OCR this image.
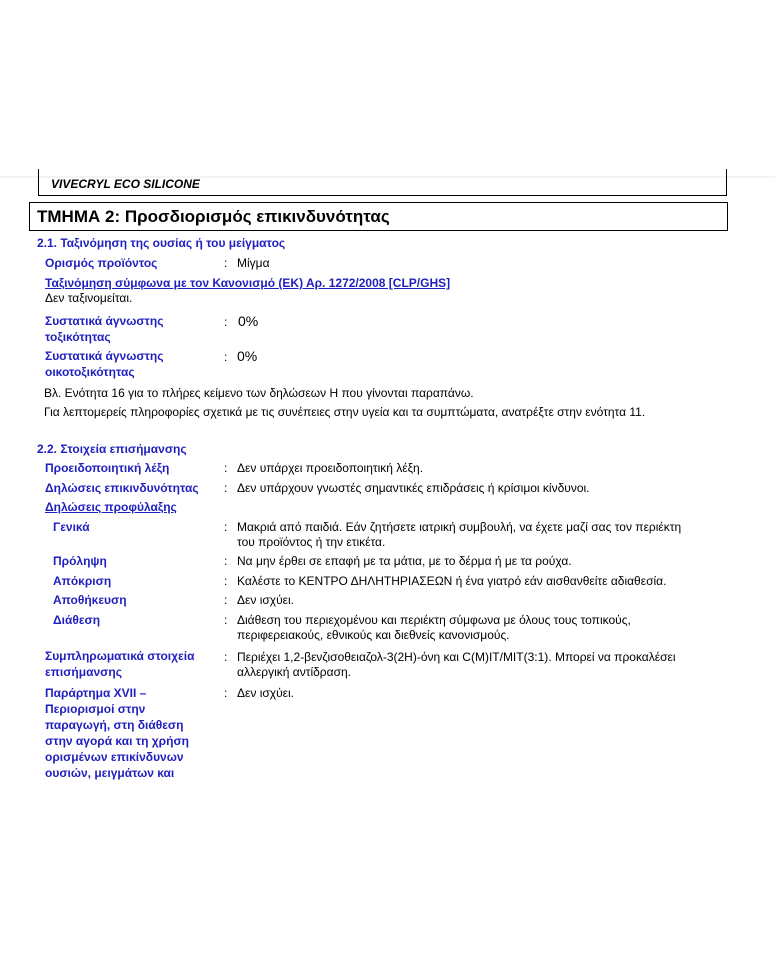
VIVECRYL ECO SILICONE
ΤΜΗΜΑ 2: Προσδιορισμός επικινδυνότητας
2.1. Ταξινόμηση της ουσίας ή του μείγματος
Ορισμός προϊόντος	: Μίγμα
Ταξινόμηση σύμφωνα με τον Κανονισμό (ΕΚ) Αρ. 1272/2008 [CLP/GHS]
Δεν ταξινομείται.
Συστατικά άγνωστης
τοξικότητας
: 0%
Συστατικά άγνωστης
οικοτοξικότητας
: 0%
Βλ. Ενότητα 16 για το πλήρες κείμενο των δηλώσεων Η που γίνονται παραπάνω.
Για λεπτομερείς πληροφορίες σχετικά με τις συνέπειες στην υγεία και τα συμπτώματα, ανατρέξτε στην ενότητα 11.
2.2. Στοιχεία επισήμανσης
Προειδοποιητική λέξη	: Δεν υπάρχει προειδοποιητική λέξη.
Δηλώσεις επικινδυνότητας : Δεν υπάρχουν γνωστές σημαντικές επιδράσεις ή κρίσιμοι κίνδυνοι.
Δηλώσεις προφύλαξης
Γενικά	: Μακριά από παιδιά. Εάν ζητήσετε ιατρική συμβουλή, να έχετε μαζί σας τον περιέκτη
του προϊόντος ή την ετικέτα.
Πρόληψη	: Να μην έρθει σε επαφή με τα μάτια, με το δέρμα ή με τα ρούχα.
Απόκριση	: Καλέστε το ΚΕΝΤΡΟ ΔΗΛΗΤΗΡΙΑΣΕΩΝ ή ένα γιατρό εάν αισθανθείτε αδιαθεσία.
Αποθήκευση	: Δεν ισχύει.
Διάθεση	: Διάθεση του περιεχομένου και περιέκτη σύμφωνα με όλους τους τοπικούς,
περιφερειακούς, εθνικούς και διεθνείς κανονισμούς.
Συμπληρωματικά στοιχεία
επισήμανσης
: Περιέχει 1,2-βενζισοθειαζολ-3(2H)-όνη και C(M)IT/MIT(3:1). Μπορεί να προκαλέσει
αλλεργική αντίδραση.
Παράρτημα XVII –
Περιορισμοί στην
παραγωγή, στη διάθεση
στην αγορά και τη χρήση
ορισμένων επικίνδυνων
ουσιών, μειγμάτων και
: Δεν ισχύει.
